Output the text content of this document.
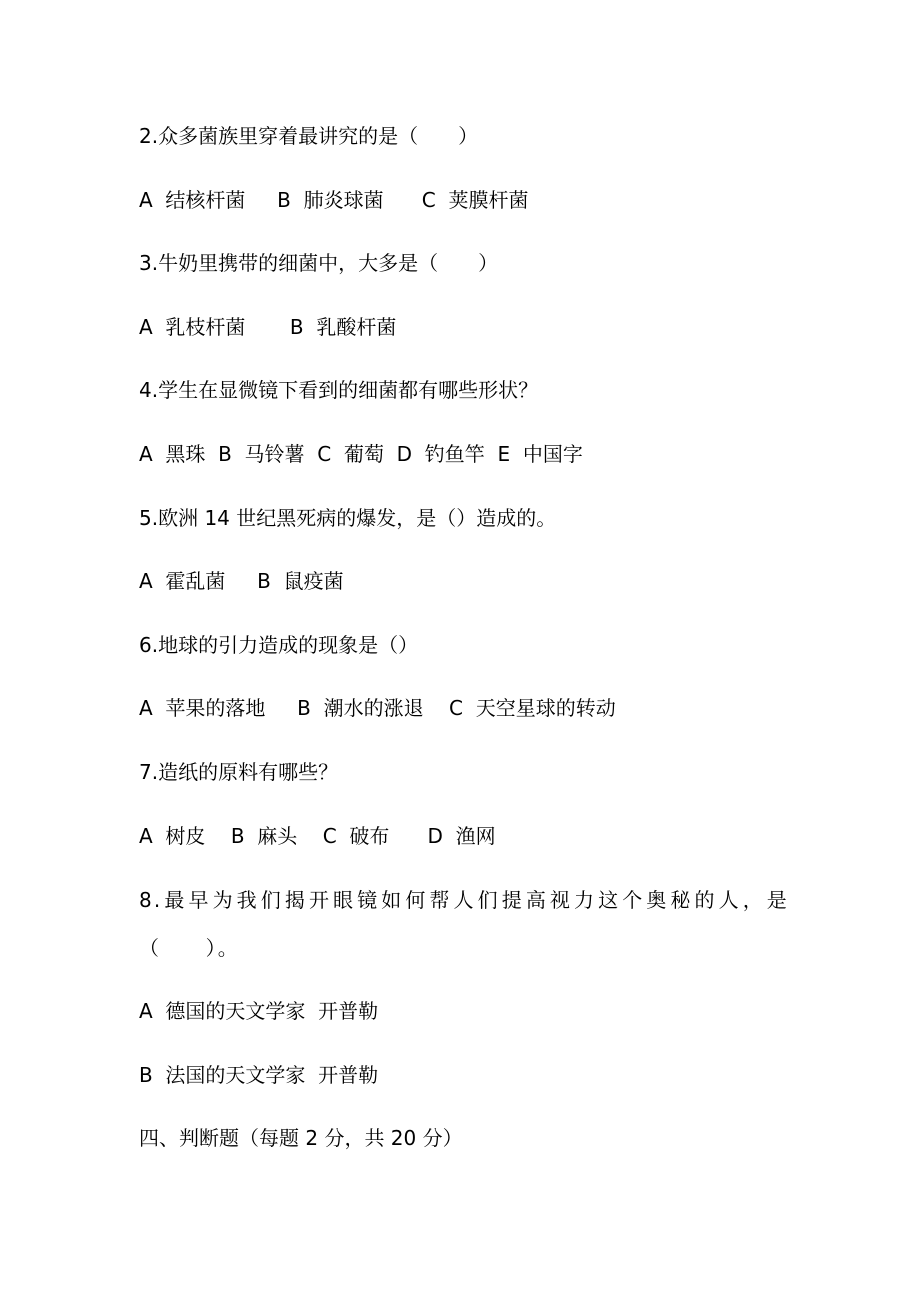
2.众多菌族里穿着最讲究的是（　　）
A  结核杆菌     B  肺炎球菌      C  荚膜杆菌
3.牛奶里携带的细菌中，大多是（　　）
A  乳枝杆菌       B  乳酸杆菌
4.学生在显微镜下看到的细菌都有哪些形状？
A  黑珠  B  马铃薯  C  葡萄  D  钓鱼竿  E  中国字
5.欧洲 14 世纪黑死病的爆发，是（）造成的。
A  霍乱菌     B  鼠疫菌
6.地球的引力造成的现象是（）
A  苹果的落地     B  潮水的涨退    C  天空星球的转动
7.造纸的原料有哪些？
A  树皮    B  麻头    C  破布      D  渔网
8.最早为我们揭开眼镜如何帮人们提高视力这个奥秘的人，是（　　）。
A  德国的天文学家  开普勒
B  法国的天文学家  开普勒
四、判断题（每题 2 分，共 20 分）
